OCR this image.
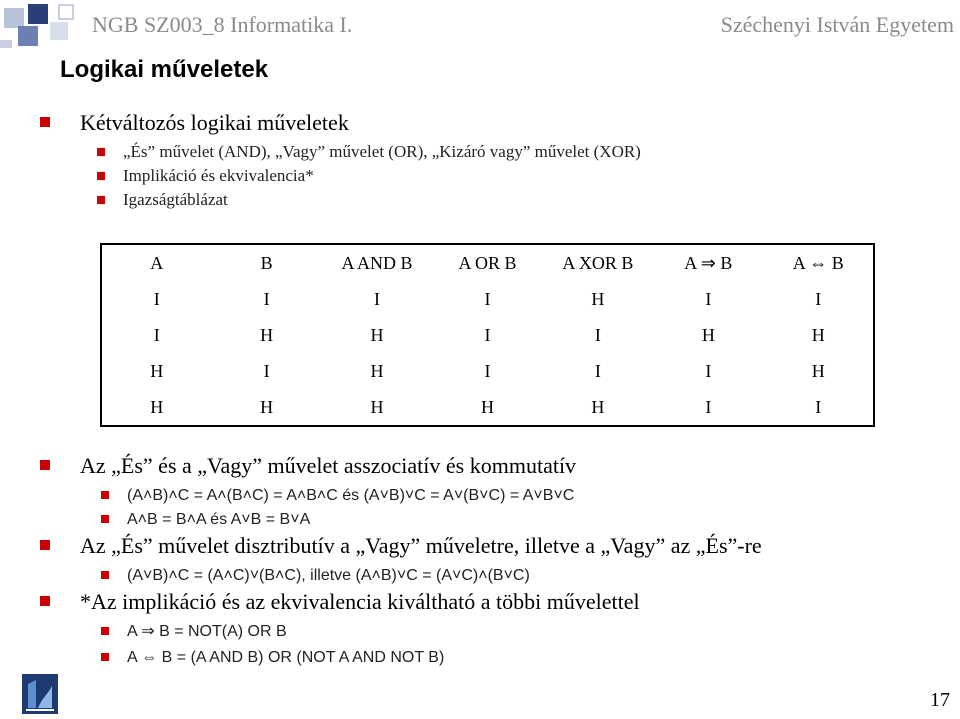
NGB SZ003_8 Informatika I.	Széchenyi István Egyetem
Logikai műveletek
Kétváltozós logikai műveletek
„És” művelet (AND), „Vagy” művelet (OR), „Kizáró vagy” művelet (XOR)
Implikáció és ekvivalencia*
Igazságtáblázat
A	B	A AND B	A OR B	A XOR B	A ⇒ B	A ⇔ B
I	I	I	I	H	I	I
I	H	H	I	I	H	H
H	I	H	I	I	I	H
H	H	H	H	H	I	I
Az „És” és a „Vagy” művelet asszociatív és kommutatív
(A˄B)˄C = A˄(B˄C) = A˄B˄C és (A˅B)˅C = A˅(B˅C) = A˅B˅C
A˄B = B˄A és A˅B = B˅A
Az „És” művelet disztributív a „Vagy” műveletre, illetve a „Vagy” az „És”-re
(A˅B)˄C = (A˄C)˅(B˄C), illetve (A˄B)˅C = (A˅C)˄(B˅C)
*Az implikáció és az ekvivalencia kiváltható a többi művelettel
A ⇒ B = NOT(A) OR B
A ⇔ B = (A AND B) OR (NOT A AND NOT B)
17
